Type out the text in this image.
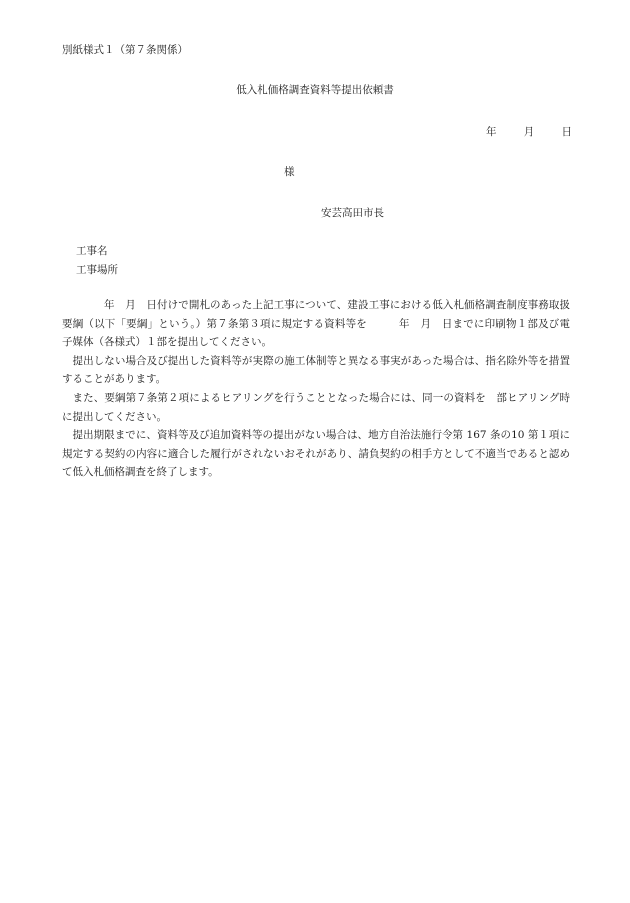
別紙様式１（第７条関係）
低入札価格調査資料等提出依頼書
年	月	日
様
安芸高田市長
工事名
工事場所

年　月　日付けで開札のあった上記工事について、建設工事における低入札価格調査制度事務取扱要綱（以下「要綱」という。）第７条第３項に規定する資料等を　　　年　月　日までに印刷物１部及び電子媒体（各様式）１部を提出してください。

提出しない場合及び提出した資料等が実際の施工体制等と異なる事実があった場合は、指名除外等を措置することがあります。

また、要綱第７条第２項によるヒアリングを行うこととなった場合には、同一の資料を　部ヒアリング時に提出してください。

提出期限までに、資料等及び追加資料等の提出がない場合は、地方自治法施行令第 167 条の10 第１項に規定する契約の内容に適合した履行がされないおそれがあり、請負契約の相手方として不適当であると認めて低入札価格調査を終了します。
